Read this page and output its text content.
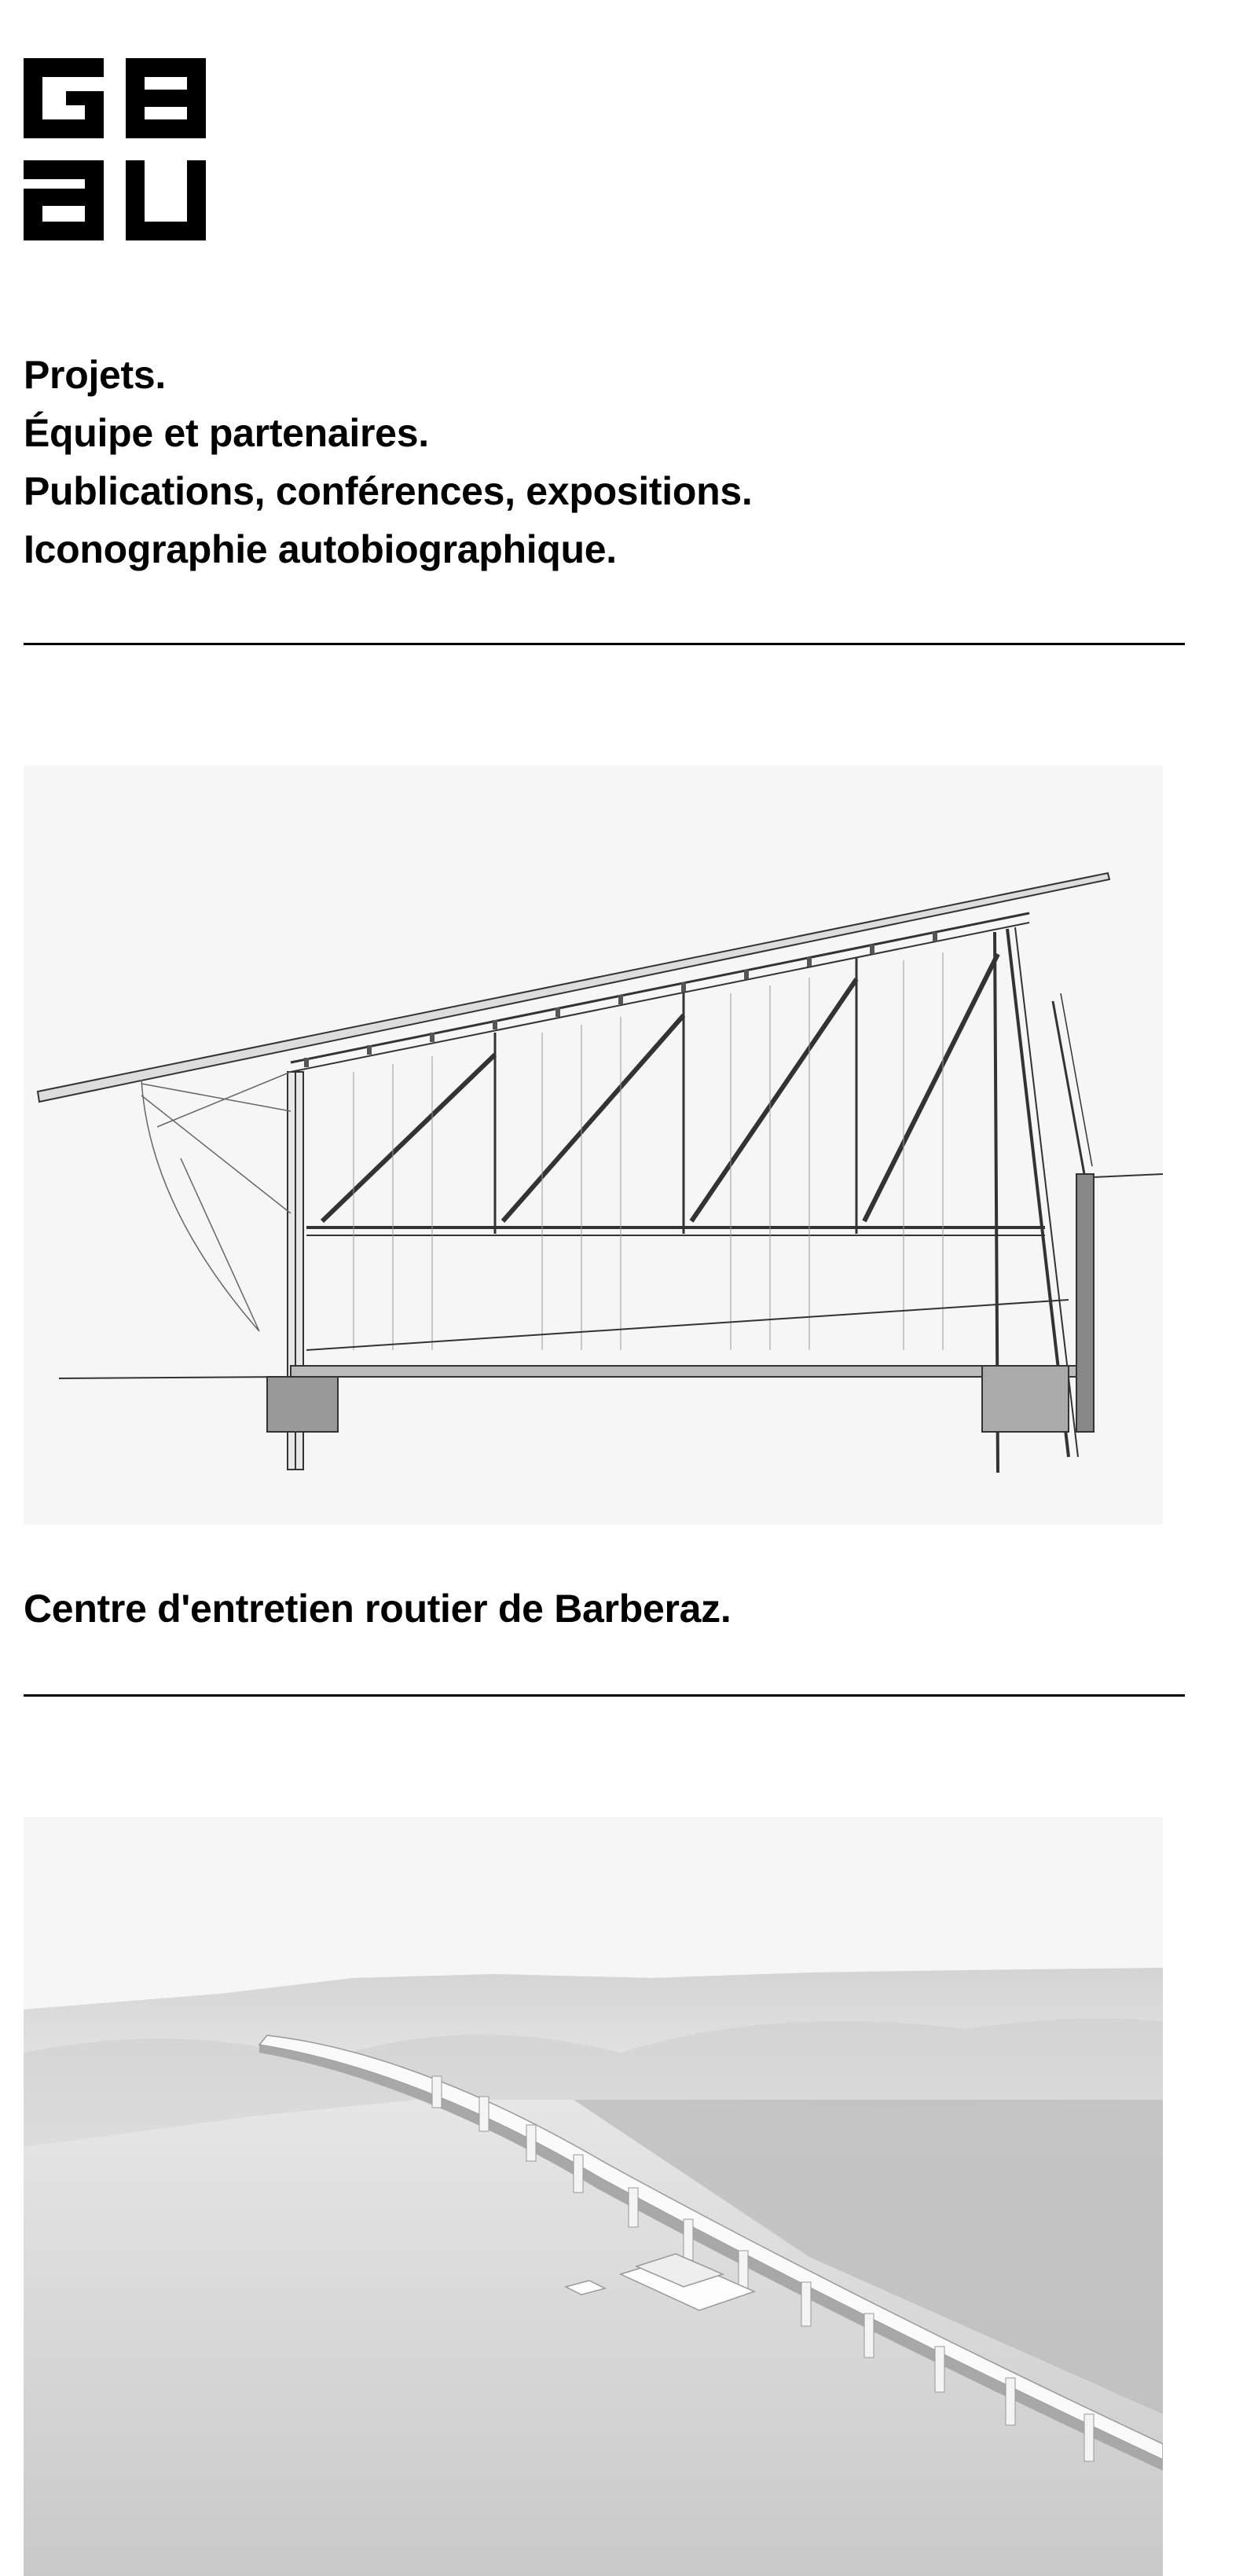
Projets.
Équipe et partenaires.
Publications, conférences, expositions.
Iconographie autobiographique.
Centre d'entretien routier de Barberaz.
